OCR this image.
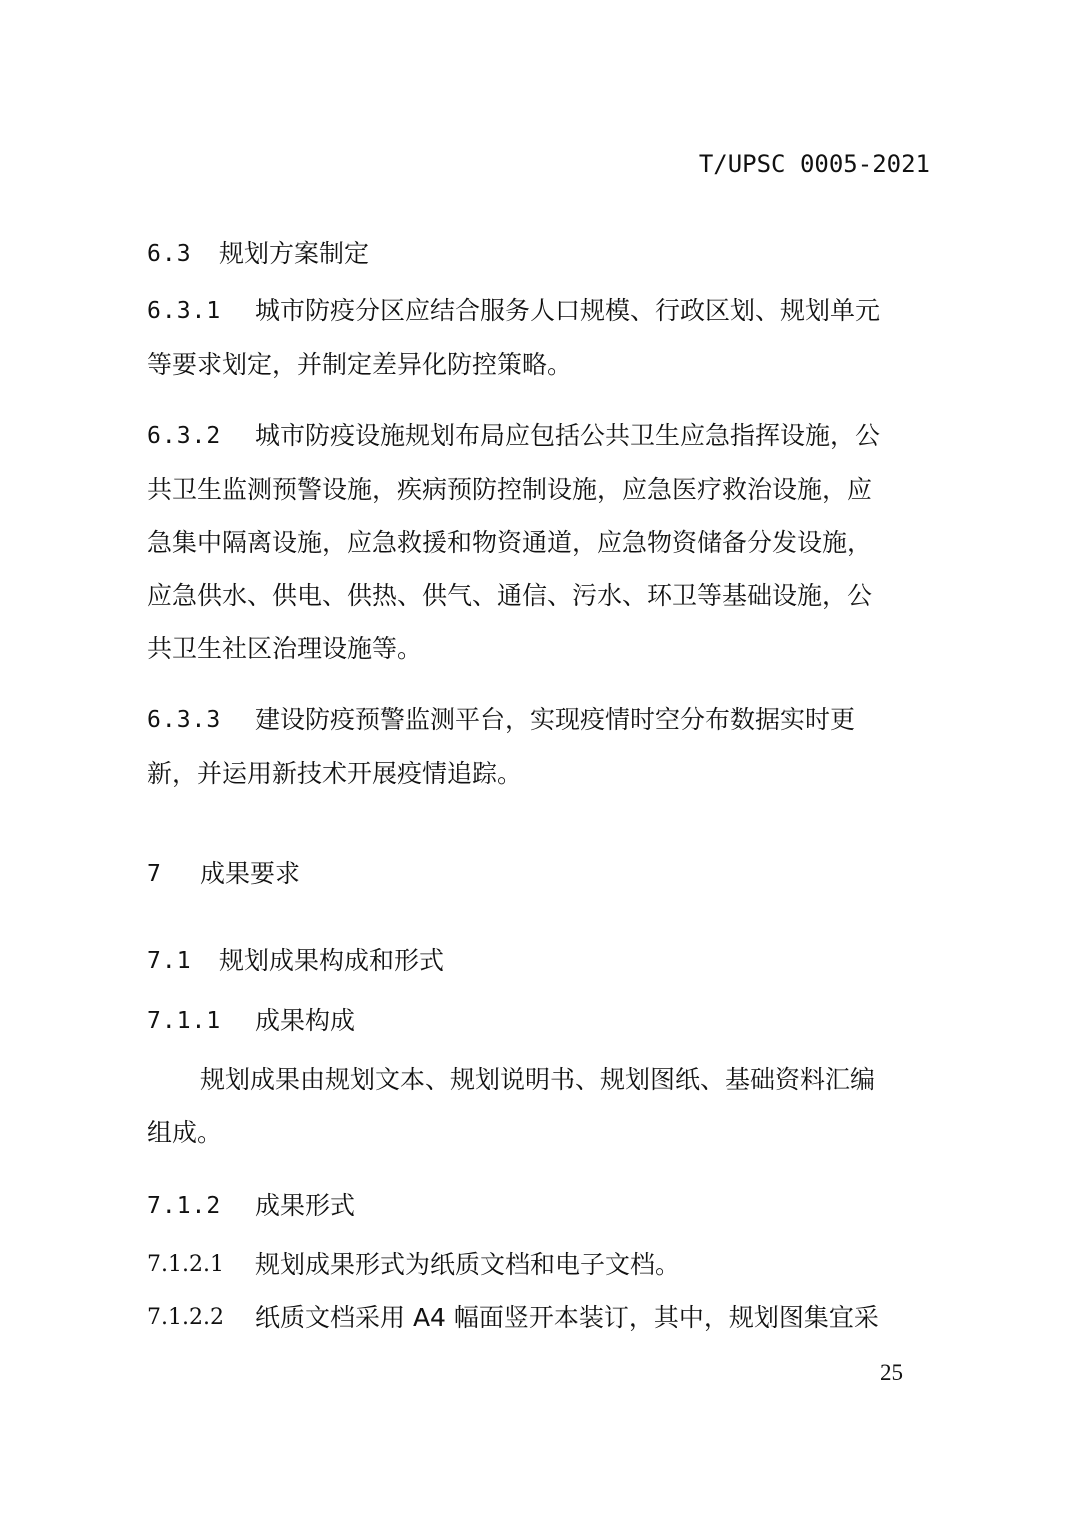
T/UPSC 0005-2021
6.3 规划方案制定
6.3.1 城市防疫分区应结合服务人口规模、行政区划、规划单元
等要求划定，并制定差异化防控策略。
6.3.2 城市防疫设施规划布局应包括公共卫生应急指挥设施，公
共卫生监测预警设施，疾病预防控制设施，应急医疗救治设施，应
急集中隔离设施，应急救援和物资通道，应急物资储备分发设施，
应急供水、供电、供热、供气、通信、污水、环卫等基础设施，公
共卫生社区治理设施等。
6.3.3 建设防疫预警监测平台，实现疫情时空分布数据实时更
新，并运用新技术开展疫情追踪。
7 成果要求
7.1 规划成果构成和形式
7.1.1 成果构成
规划成果由规划文本、规划说明书、规划图纸、基础资料汇编
组成。
7.1.2 成果形式
7.1.2.1 规划成果形式为纸质文档和电子文档。
7.1.2.2 纸质文档采用 A4 幅面竖开本装订，其中，规划图集宜采
25
